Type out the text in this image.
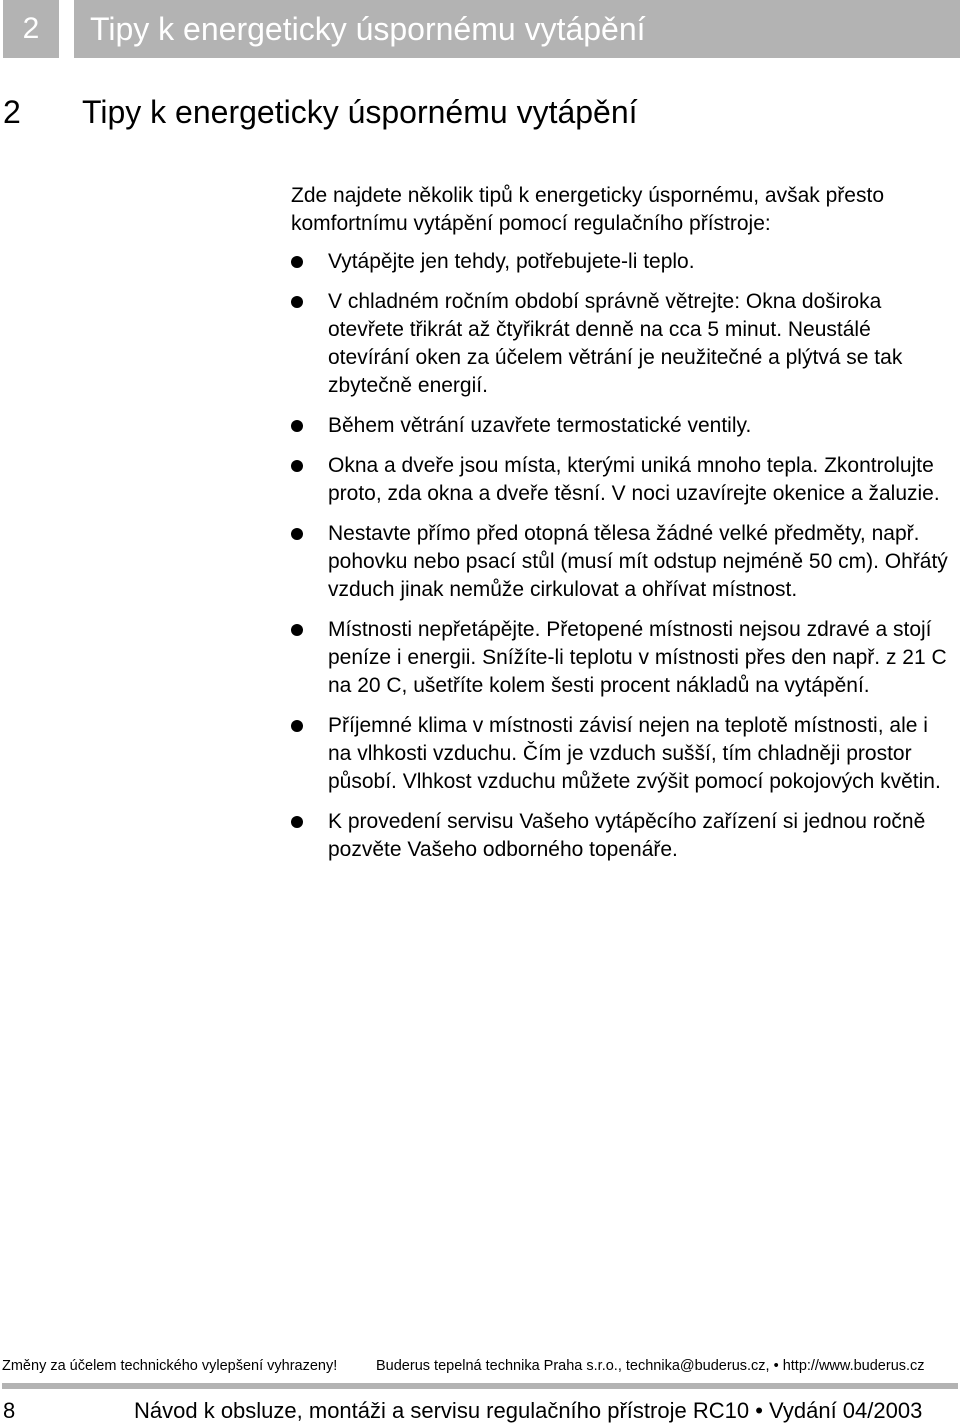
2	Tipy k energeticky úspornému vytápění
2 Tipy k energeticky úspornému vytápění

Zde najdete několik tipů k energeticky úspornému, avšak přesto komfortnímu vytápění pomocí regulačního přístroje:

Vytápějte jen tehdy, potřebujete-li teplo.
V chladném ročním období správně větrejte: Okna doširoka otevřete třikrát až čtyřikrát denně na cca 5 minut. Neustálé otevírání oken za účelem větrání je neužitečné a plýtvá se tak zbytečně energií.
Během větrání uzavřete termostatické ventily.
Okna a dveře jsou místa, kterými uniká mnoho tepla. Zkontrolujte proto, zda okna a dveře těsní. V noci uzavírejte okenice a žaluzie.
Nestavte přímo před otopná tělesa žádné velké předměty, např. pohovku nebo psací stůl (musí mít odstup nejméně 50 cm). Ohřátý vzduch jinak nemůže cirkulovat a ohřívat místnost.
Místnosti nepřetápějte. Přetopené místnosti nejsou zdravé a stojí peníze i energii. Snížíte-li teplotu v místnosti přes den např. z 21 C na 20 C, ušetříte kolem šesti procent nákladů na vytápění.
Příjemné klima v místnosti závisí nejen na teplotě místnosti, ale i na vlhkosti vzduchu. Čím je vzduch sušší, tím chladněji prostor působí. Vlhkost vzduchu můžete zvýšit pomocí pokojových květin.
K provedení servisu Vašeho vytápěcího zařízení si jednou ročně pozvěte Vašeho odborného topenáře.
Změny za účelem technického vylepšení vyhrazeny!	Buderus tepelná technika Praha s.r.o., technika@buderus.cz, • http://www.buderus.cz
8	Návod k obsluze, montáži a servisu regulačního přístroje RC10 • Vydání 04/2003
